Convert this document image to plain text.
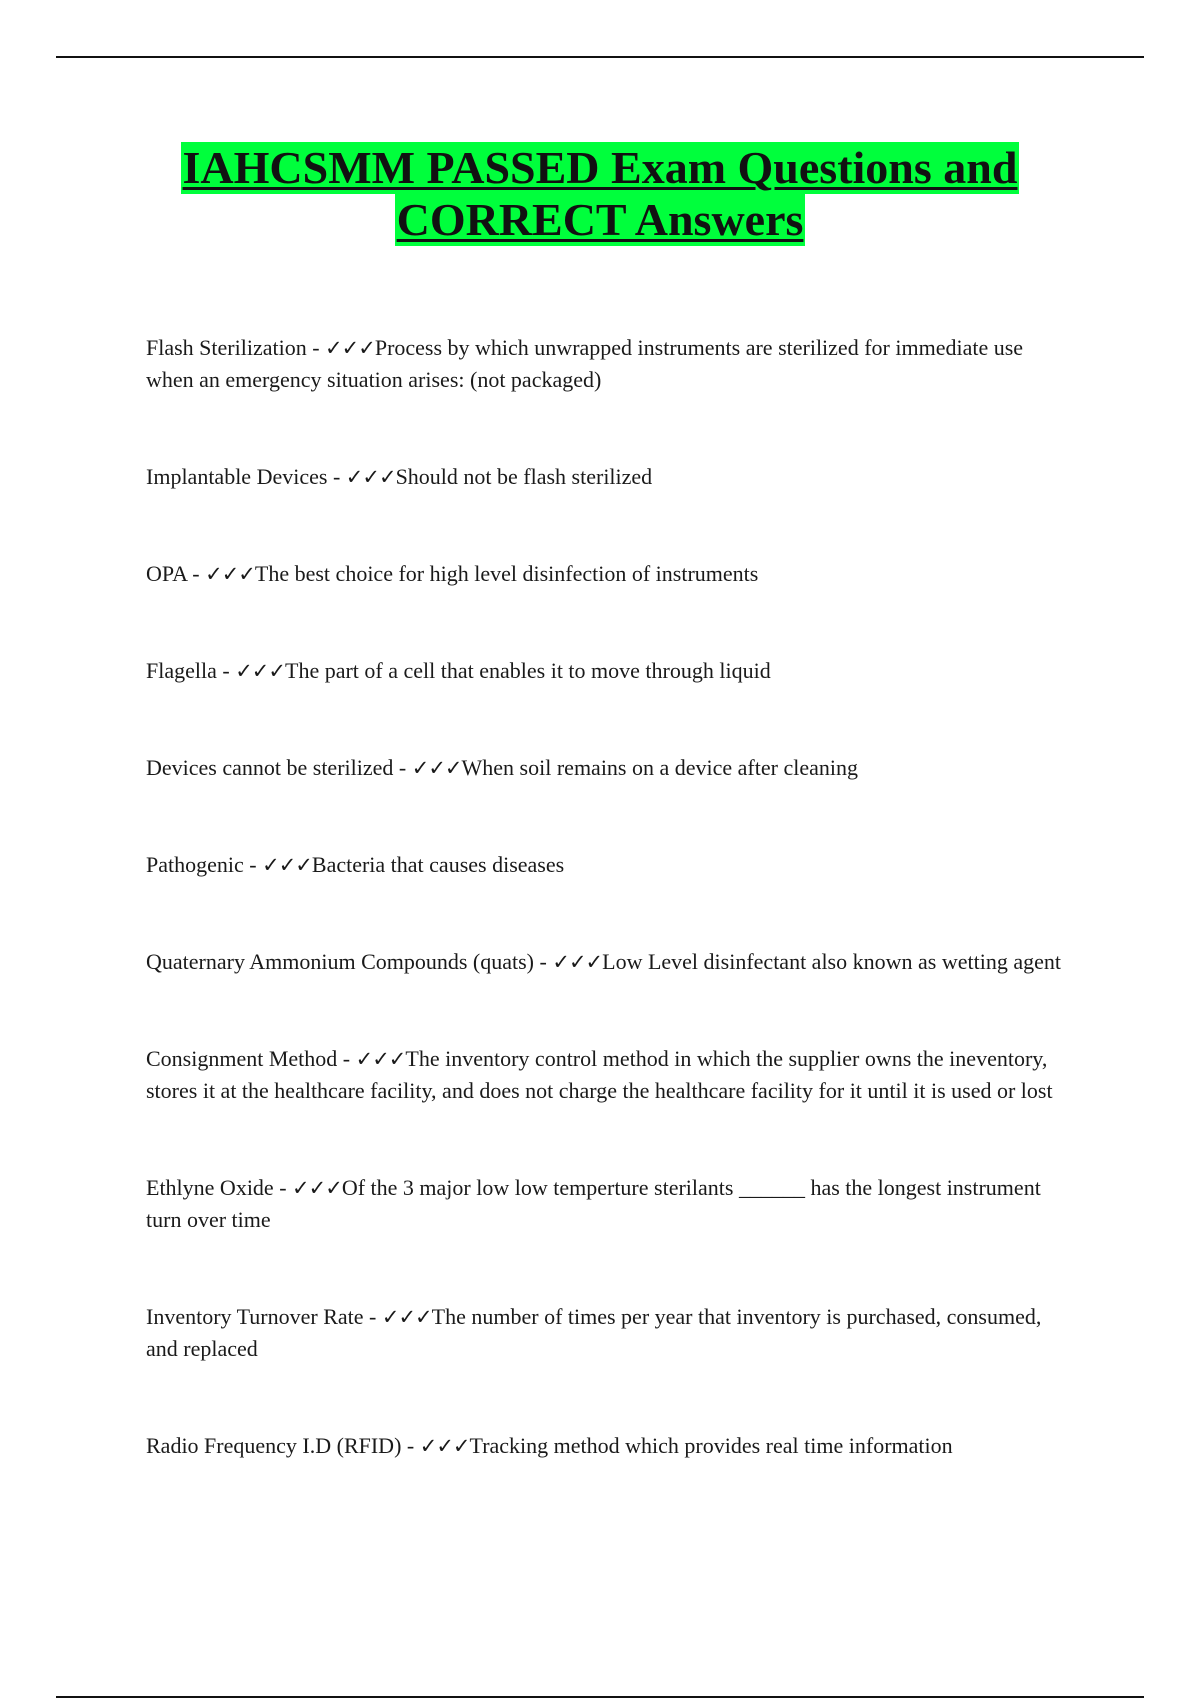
IAHCSMM PASSED Exam Questions and
CORRECT Answers

Flash Sterilization - ✓✓✓Process by which unwrapped instruments are sterilized for immediate use when an emergency situation arises: (not packaged)

Implantable Devices - ✓✓✓Should not be flash sterilized

OPA - ✓✓✓The best choice for high level disinfection of instruments

Flagella - ✓✓✓The part of a cell that enables it to move through liquid

Devices cannot be sterilized - ✓✓✓When soil remains on a device after cleaning

Pathogenic - ✓✓✓Bacteria that causes diseases

Quaternary Ammonium Compounds (quats) - ✓✓✓Low Level disinfectant also known as wetting agent

Consignment Method - ✓✓✓The inventory control method in which the supplier owns the ineventory, stores it at the healthcare facility, and does not charge the healthcare facility for it until it is used or lost

Ethlyne Oxide - ✓✓✓Of the 3 major low low temperture sterilants ______ has the longest instrument turn over time

Inventory Turnover Rate - ✓✓✓The number of times per year that inventory is purchased, consumed, and replaced

Radio Frequency I.D (RFID) - ✓✓✓Tracking method which provides real time information
